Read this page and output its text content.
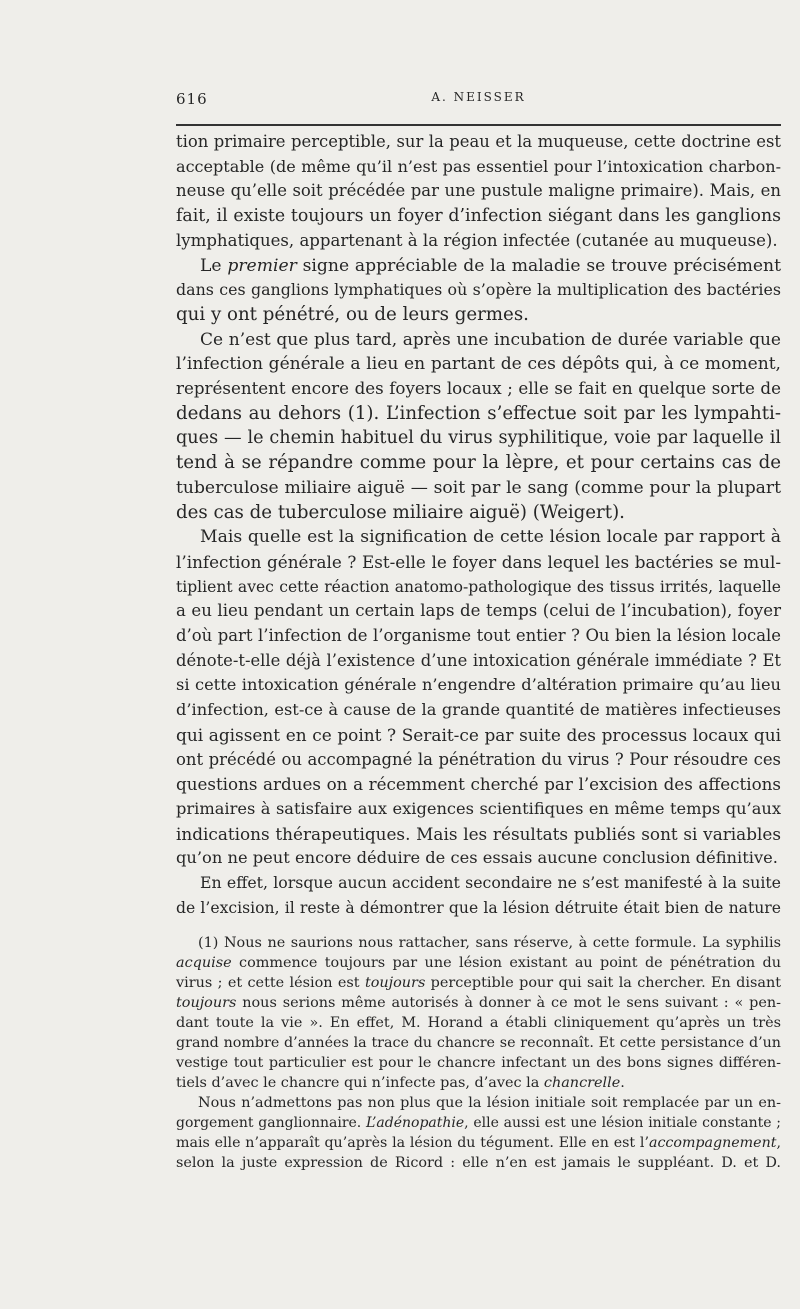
616	A. NEISSER
tion primaire perceptible, sur la peau et la muqueuse, cette doctrine est
acceptable (de même qu’il n’est pas essentiel pour l’intoxication charbon-
neuse qu’elle soit précédée par une pustule maligne primaire). Mais, en
fait, il existe toujours un foyer d’infection siégant dans les ganglions
lymphatiques, appartenant à la région infectée (cutanée au muqueuse).
Le premier signe appréciable de la maladie se trouve précisément
dans ces ganglions lymphatiques où s’opère la multiplication des bactéries
qui y ont pénétré, ou de leurs germes.
Ce n’est que plus tard, après une incubation de durée variable que
l’infection générale a lieu en partant de ces dépôts qui, à ce moment,
représentent encore des foyers locaux ; elle se fait en quelque sorte de
dedans au dehors (1). L’infection s’effectue soit par les lympahti-
ques — le chemin habituel du virus syphilitique, voie par laquelle il
tend à se répandre comme pour la lèpre, et pour certains cas de
tuberculose miliaire aiguë — soit par le sang (comme pour la plupart
des cas de tuberculose miliaire aiguë) (Weigert).
Mais quelle est la signification de cette lésion locale par rapport à
l’infection générale ? Est-elle le foyer dans lequel les bactéries se mul-
tiplient avec cette réaction anatomo-pathologique des tissus irrités, laquelle
a eu lieu pendant un certain laps de temps (celui de l’incubation), foyer
d’où part l’infection de l’organisme tout entier ? Ou bien la lésion locale
dénote-t-elle déjà l’existence d’une intoxication générale immédiate ? Et
si cette intoxication générale n’engendre d’altération primaire qu’au lieu
d’infection, est-ce à cause de la grande quantité de matières infectieuses
qui agissent en ce point ? Serait-ce par suite des processus locaux qui
ont précédé ou accompagné la pénétration du virus ? Pour résoudre ces
questions ardues on a récemment cherché par l’excision des affections
primaires à satisfaire aux exigences scientifiques en même temps qu’aux
indications thérapeutiques. Mais les résultats publiés sont si variables
qu’on ne peut encore déduire de ces essais aucune conclusion définitive.
En effet, lorsque aucun accident secondaire ne s’est manifesté à la suite
de l’excision, il reste à démontrer que la lésion détruite était bien de nature
(1) Nous ne saurions nous rattacher, sans réserve, à cette formule. La syphilis
acquise commence toujours par une lésion existant au point de pénétration du
virus ; et cette lésion est toujours perceptible pour qui sait la chercher. En disant
toujours nous serions même autorisés à donner à ce mot le sens suivant : « pen-
dant toute la vie ». En effet, M. Horand a établi cliniquement qu’après un très
grand nombre d’années la trace du chancre se reconnaît. Et cette persistance d’un
vestige tout particulier est pour le chancre infectant un des bons signes différen-
tiels d’avec le chancre qui n’infecte pas, d’avec la chancrelle.
Nous n’admettons pas non plus que la lésion initiale soit remplacée par un en-
gorgement ganglionnaire. L’adénopathie, elle aussi est une lésion initiale constante ;
mais elle n’apparaît qu’après la lésion du tégument. Elle en est l’accompagnement,
selon la juste expression de Ricord : elle n’en est jamais le suppléant. D. et D.
